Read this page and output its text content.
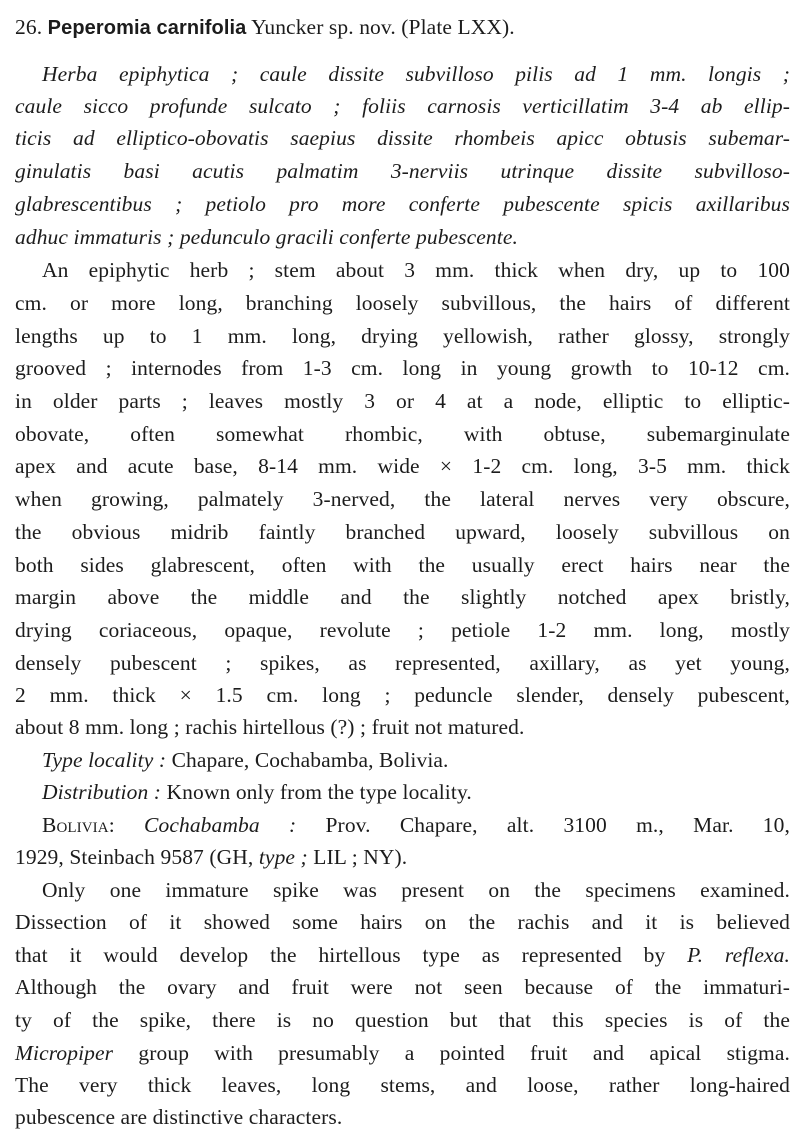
26. Peperomia carnifolia Yuncker sp. nov. (Plate LXX).
Herba epiphytica ; caule dissite subvilloso pilis ad 1 mm. longis ;
caule sicco profunde sulcato ; foliis carnosis verticillatim 3-4 ab ellip-
ticis ad elliptico-obovatis saepius dissite rhombeis apicc obtusis subemar-
ginulatis basi acutis palmatim 3-nerviis utrinque dissite subvilloso-
glabrescentibus ; petiolo pro more conferte pubescente spicis axillaribus
adhuc immaturis ; pedunculo gracili conferte pubescente.
An epiphytic herb ; stem about 3 mm. thick when dry, up to 100
cm. or more long, branching loosely subvillous, the hairs of different
lengths up to 1 mm. long, drying yellowish, rather glossy, strongly
grooved ; internodes from 1-3 cm. long in young growth to 10-12 cm.
in older parts ; leaves mostly 3 or 4 at a node, elliptic to elliptic-
obovate, often somewhat rhombic, with obtuse, subemarginulate
apex and acute base, 8-14 mm. wide × 1-2 cm. long, 3-5 mm. thick
when growing, palmately 3-nerved, the lateral nerves very obscure,
the obvious midrib faintly branched upward, loosely subvillous on
both sides glabrescent, often with the usually erect hairs near the
margin above the middle and the slightly notched apex bristly,
drying coriaceous, opaque, revolute ; petiole 1-2 mm. long, mostly
densely pubescent ; spikes, as represented, axillary, as yet young,
2 mm. thick × 1.5 cm. long ; peduncle slender, densely pubescent,
about 8 mm. long ; rachis hirtellous (?) ; fruit not matured.
Type locality : Chapare, Cochabamba, Bolivia.
Distribution : Known only from the type locality.
Bolivia: Cochabamba : Prov. Chapare, alt. 3100 m., Mar. 10,
1929, Steinbach 9587 (GH, type ; LIL ; NY).
Only one immature spike was present on the specimens examined.
Dissection of it showed some hairs on the rachis and it is believed
that it would develop the hirtellous type as represented by P. reflexa.
Although the ovary and fruit were not seen because of the immaturi-
ty of the spike, there is no question but that this species is of the
Micropiper group with presumably a pointed fruit and apical stigma.
The very thick leaves, long stems, and loose, rather long-haired
pubescence are distinctive characters.
